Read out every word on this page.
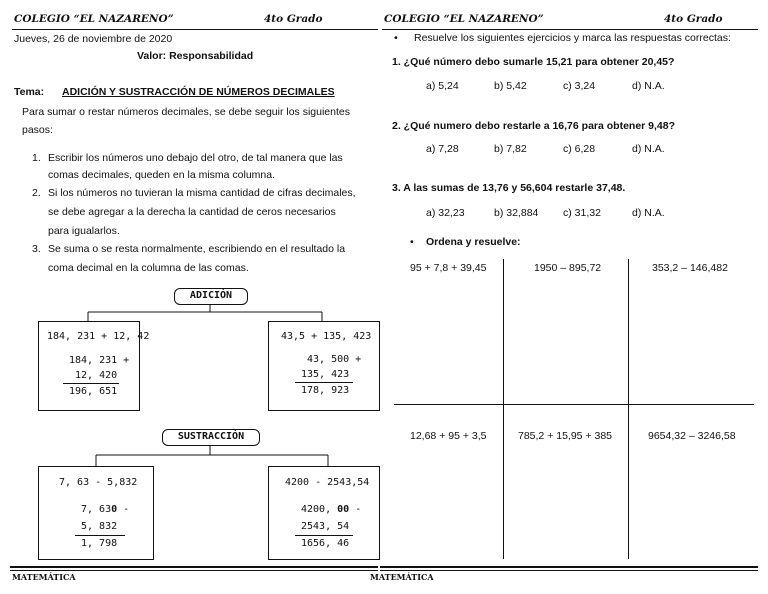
COLEGIO “EL NAZARENO”	4to Grado
Jueves, 26 de noviembre de 2020
Valor: Responsabilidad
Tema: ADICIÓN Y SUSTRACCIÓN DE NÚMEROS DECIMALES
Para sumar o restar números decimales, se debe seguir los siguientes
pasos:
1. Escribir los números uno debajo del otro, de tal manera que las
comas decimales, queden en la misma columna.
2. Si los números no tuvieran la misma cantidad de cifras decimales,
se debe agregar a la derecha la cantidad de ceros necesarios
para igualarlos.
3. Se suma o se resta normalmente, escribiendo en el resultado la
coma decimal en la columna de las comas.
ADICIÓN
184, 231 + 12, 42
184, 231 +
12, 420
196, 651
43,5 + 135, 423
43, 500 +
135, 423
178, 923
SUSTRACCIÓN
7, 63 - 5,832
7, 630 -
5, 832
1, 798
4200 - 2543,54
4200, 00 -
2543, 54
1656, 46
MATEMÁTICA
COLEGIO “EL NAZARENO”	4to Grado
• Resuelve los siguientes ejercicios y marca las respuestas correctas:
1. ¿Qué número debo sumarle 15,21 para obtener 20,45?
a) 5,24	b) 5,42	c) 3,24	d) N.A.
2. ¿Qué numero debo restarle a 16,76 para obtener 9,48?
a) 7,28	b) 7,82	c) 6,28	d) N.A.
3. A las sumas de 13,76 y 56,604 restarle 37,48.
a) 32,23	b) 32,884 c) 31,32	d) N.A.
• Ordena y resuelve:
95 + 7,8 + 39,45	1950 – 895,72	353,2 – 146,482
12,68 + 95 + 3,5	785,2 + 15,95 + 385	9654,32 – 3246,58
MATEMÁTICA
